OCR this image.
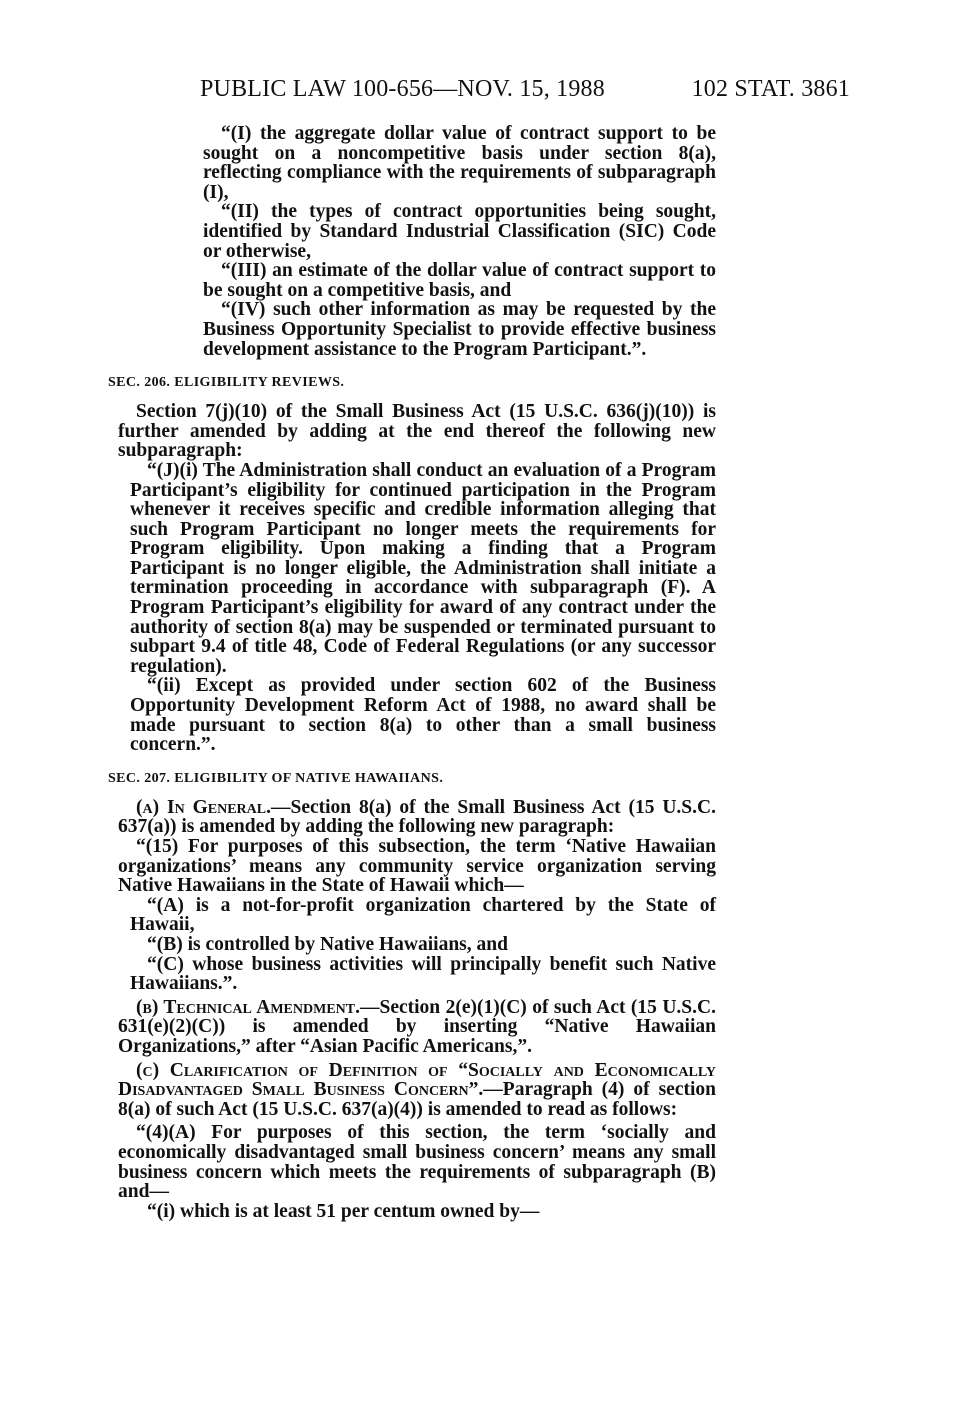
PUBLIC LAW 100-656—NOV. 15, 1988	102 STAT. 3861

“(I) the aggregate dollar value of contract support to be sought on a noncompetitive basis under section 8(a), reflecting compliance with the requirements of subparagraph (I),

“(II) the types of contract opportunities being sought, identified by Standard Industrial Classification (SIC) Code or otherwise,

“(III) an estimate of the dollar value of contract support to be sought on a competitive basis, and

“(IV) such other information as may be requested by the Business Opportunity Specialist to provide effective business development assistance to the Program Participant.”.

SEC. 206. ELIGIBILITY REVIEWS.

Section 7(j)(10) of the Small Business Act (15 U.S.C. 636(j)(10)) is further amended by adding at the end thereof the following new subparagraph:

“(J)(i) The Administration shall conduct an evaluation of a Program Participant’s eligibility for continued participation in the Program whenever it receives specific and credible information alleging that such Program Participant no longer meets the requirements for Program eligibility. Upon making a finding that a Program Participant is no longer eligible, the Administration shall initiate a termination proceeding in accordance with subparagraph (F). A Program Participant’s eligibility for award of any contract under the authority of section 8(a) may be suspended or terminated pursuant to subpart 9.4 of title 48, Code of Federal Regulations (or any successor regulation).

“(ii) Except as provided under section 602 of the Business Opportunity Development Reform Act of 1988, no award shall be made pursuant to section 8(a) to other than a small business concern.”.

SEC. 207. ELIGIBILITY OF NATIVE HAWAIIANS.

(a) In General.—Section 8(a) of the Small Business Act (15 U.S.C. 637(a)) is amended by adding the following new paragraph:

“(15) For purposes of this subsection, the term ‘Native Hawaiian organizations’ means any community service organization serving Native Hawaiians in the State of Hawaii which—

“(A) is a not-for-profit organization chartered by the State of Hawaii,

“(B) is controlled by Native Hawaiians, and

“(C) whose business activities will principally benefit such Native Hawaiians.”.

(b) Technical Amendment.—Section 2(e)(1)(C) of such Act (15 U.S.C. 631(e)(2)(C)) is amended by inserting “Native Hawaiian Organizations,” after “Asian Pacific Americans,”.

(c) Clarification of Definition of “Socially and Economically Disadvantaged Small Business Concern”.—Paragraph (4) of section 8(a) of such Act (15 U.S.C. 637(a)(4)) is amended to read as follows:

“(4)(A) For purposes of this section, the term ‘socially and economically disadvantaged small business concern’ means any small business concern which meets the requirements of subparagraph (B) and—

“(i) which is at least 51 per centum owned by—
